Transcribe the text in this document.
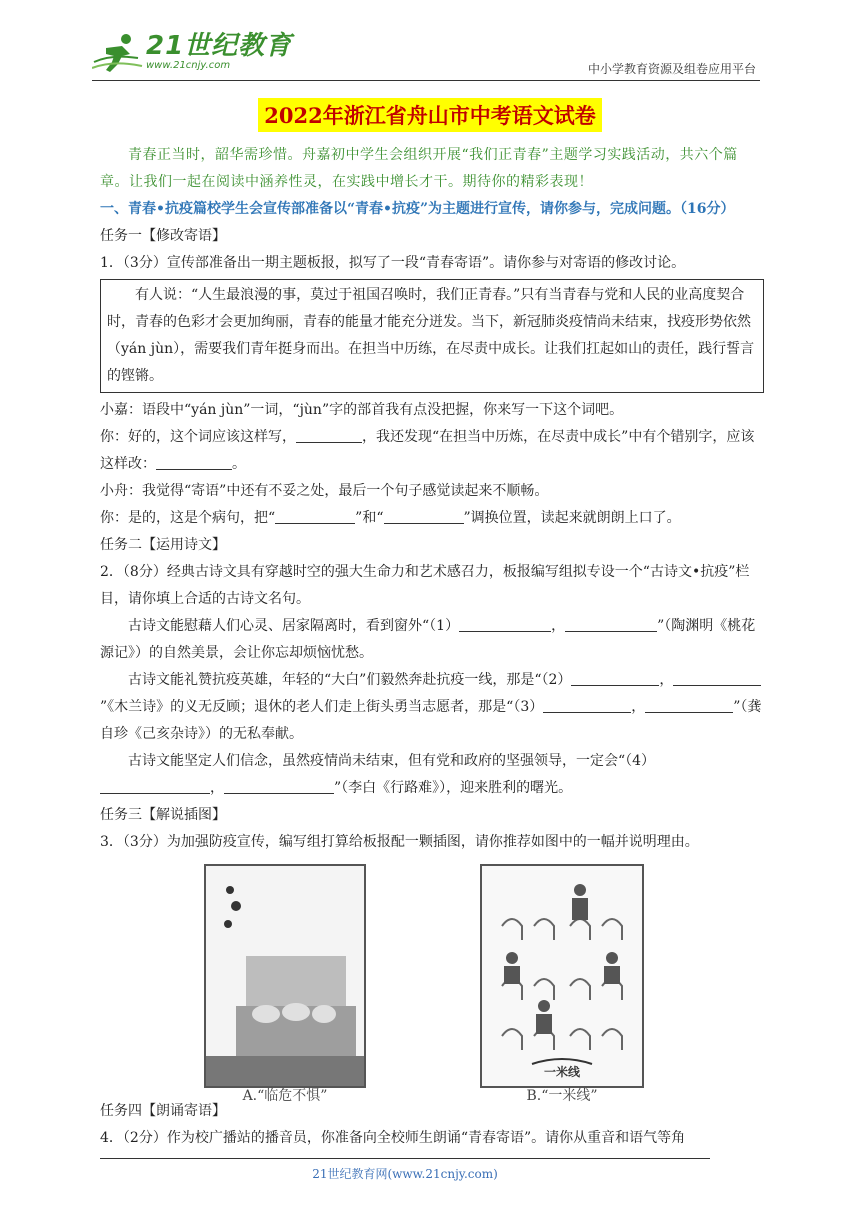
21世纪教育
www.21cnjy.com	中小学教育资源及组卷应用平台
2022年浙江省舟山市中考语文试卷

青春正当时，韶华需珍惜。舟嘉初中学生会组织开展“我们正青春”主题学习实践活动，共六个篇章。让我们一起在阅读中涵养性灵，在实践中增长才干。期待你的精彩表现！

一、青春•抗疫篇校学生会宣传部准备以“青春•抗疫”为主题进行宣传，请你参与，完成问题。（16分）

任务一【修改寄语】

1．（3分）宣传部准备出一期主题板报，拟写了一段“青春寄语”。请你参与对寄语的修改讨论。

有人说：“人生最浪漫的事，莫过于祖国召唤时，我们正青春。”只有当青春与党和人民的业高度契合时，青春的色彩才会更加绚丽，青春的能量才能充分迸发。当下，新冠肺炎疫情尚未结束，找疫形势依然（yán jùn），需要我们青年挺身而出。在担当中历练，在尽责中成长。让我们扛起如山的责任，践行誓言的铿锵。

小嘉：语段中“yán jùn”一词，“jùn”字的部首我有点没把握，你来写一下这个词吧。

你：好的，这个词应该这样写，	，我还发现“在担当中历炼，在尽责中成长”中有个错别字，应该这样改：	。

小舟：我觉得“寄语”中还有不妥之处，最后一个句子感觉读起来不顺畅。

你：是的，这是个病句，把“	”和“	”调换位置，读起来就朗朗上口了。

任务二【运用诗文】

2．（8分）经典古诗文具有穿越时空的强大生命力和艺术感召力，板报编写组拟专设一个“古诗文•抗疫”栏目，请你填上合适的古诗文名句。

古诗文能慰藉人们心灵、居家隔离时，看到窗外“（1）	，	”（陶渊明《桃花源记》）的自然美景，会让你忘却烦恼忧愁。

古诗文能礼赞抗疫英雄，年轻的“大白”们毅然奔赴抗疫一线，那是“（2）	，”《木兰诗》的义无反顾；退休的老人们走上街头勇当志愿者，那是“（3）	，	”（龚自珍《己亥杂诗》）的无私奉献。

古诗文能坚定人们信念，虽然疫情尚未结束，但有党和政府的坚强领导，一定会“（4），	”（李白《行路难》），迎来胜利的曙光。

任务三【解说插图】

3．（3分）为加强防疫宣传，编写组打算给板报配一颗插图，请你推荐如图中的一幅并说明理由。

A.“临危不惧”
一米线
B.“一米线”

任务四【朗诵寄语】

4．（2分）作为校广播站的播音员，你准备向全校师生朗诵“青春寄语”。请你从重音和语气等角

21世纪教育网(www.21cnjy.com)
